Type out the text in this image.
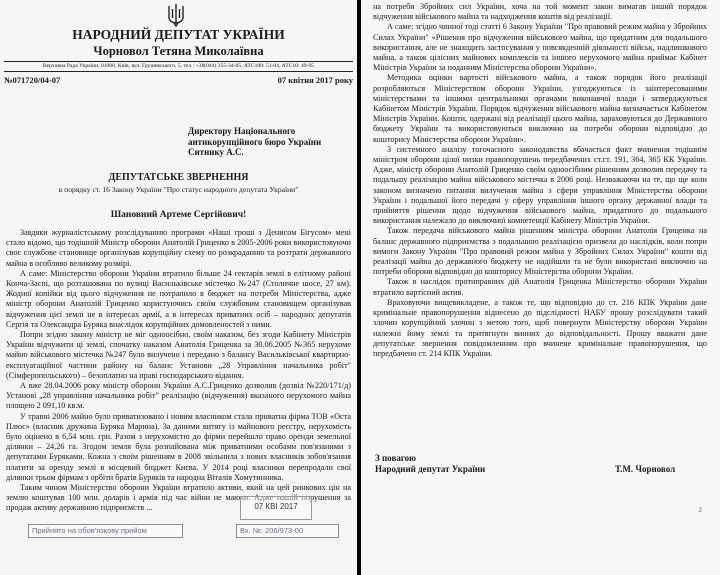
НАРОДНИЙ ДЕПУТАТ УКРАЇНИ
Чорновол Тетяна Миколаївна
Верховна Рада України, 01008, Київ, вул. Грушевського, 5, тел.: +38(044) 255-34-05, АТС100: 51-04, АТС10: 49-95
№071720/04-07	07 квітня 2017 року
Директору Національного
антикорупційного бюро України
Ситнику А.С.
ДЕПУТАТСЬКЕ ЗВЕРНЕННЯ
в порядку ст. 16 Закону України "Про статус народного депутата України"
Шановний Артеме Сергійович!

Завдяки журналістському розслідуванню програми «Наші гроші з Денисом Бігусом» мені стало відомо, що тодішній Міністр оборони Анатолій Гриценко в 2005-2006 роки використовуючи своє службове становище організував корупційну схему по розкраданню та розтрати державного майна в особливо великому розмірі.

А саме: Міністерство оборони України втратило більше 24 гектарів землі в елітному районі Конча-Заспі, що розташована по вулиці Васильківське містечко №247 (Столичне шосе, 27 км). Жодної копійки від цього відчуження не потрапило в бюджет на потреби Міністерства, адже міністр оборони Анатолій Гриценко користуючись своїм службовим становищем організував відчуження цієї землі не в інтересах армії, а в інтересах приватних осіб – народних депутатів Сергія та Олександра Буряка внаслідок корупційних домовленостей з ними.

Попри згідно закону міністр не міг одноосібно, своїм наказом, без згоди Кабінету Міністрів України відчужити ці землі, спочатку наказом Анатолія Гриценка за 30.06.2005 №365 нерухоме майно військового містечка №247 було вилучено і передано з балансу Васильківської квартирно-експлуатаційної частини району на баланс Установи „28 Управління начальника робіт" (Сімферопольського) – безоплатно на праві господарського відання.

А вже 28.04.2006 року міністр оборони України А.С.Гриценко дозволив (дозвіл №220/171/д) Установі „28 управління начальника робіт" реалізацію (відчуження) вказаного нерухомого майна площею 2 091,10 кв.м.

У травні 2006 майно було приватизовано і новим власником стала приватна фірма ТОВ «Оста Плюс» (власник дружина Буряка Марина). За даними витягу із майнового реєстру, нерухомість було оцінено в 6,54 млн. грн. Разом з нерухомістю до фірми перейшло право оренди земельної ділянки – 24,26 га. Згодом земля була розпайована між приватними особами пов'язаними з депутатами Буряками. Кожна з своїм рішенням в 2008 звільнила з нових власників зобов'язання платити за оренду землі в місцевий бюджет Києва. У 2014 році власники перепродали свої ділянки трьом фірмам з орбіти братів Буряків та народна Віталія Хомутинника.

Таким чином Міністерство оборони України втратило активи, який на цей ринкових цін на землю коштував 100 млн. доларів і армія під час війни не маючи. Адже нашій порушення за продаж активу державною підприємств ...	07 КВІ 2017
Прийнято на обов'язкову прийом	Вх. №: 206/973-00

на потреби Збройних сил України, хоча на той момент закон вимагав інший порядок відчуження військового майна та надходження коштів від реалізації.

А саме: згідно чинної тоді статті 6 Закону України "Про правовий режим майна у Збройних Силах України" «Рішення про відчуження військового майна, що придатним для подальшого використання, але не знаходить застосування у повсякденній діяльності військ, надлишкового майна, а також цілісних майнових комплексів та іншого нерухомого майна приймає Кабінет Міністрів України за поданням Міністерства оборони України».

Методика оцінки вартості військового майна, а також порядок його реалізації розробляються Міністерством оборони України, узгоджуються із заінтересованими міністерствами та іншими центральними органами виконавчої влади і затверджуються Кабінетом Міністрів України. Порядок відчуження військового майна визначається Кабінетом Міністрів України. Кошти, одержані від реалізації цього майна, зараховуються до Державного бюджету України та використовуються виключно на потреби оборони відповідно до кошторису Міністерства оборони України».

З системного аналізу тогочасного законодавства вбачається факт вчинення тодішнім міністром оборони цілої низки правопорушень передбачених ст.ст. 191, 364, 365 КК України. Адже, міністр оборони Анатолій Гриценко своїм одноосібним рішенням дозволив передачу та подальшу реалізацію майна військового містечка в 2006 році. Незважаючи на те, що ще коли законом визначено питання вилучення майна з сфери управління Міністерства оборони України і подальшої його передачі у сферу управління іншого органу державної влади та прийняття рішення щодо відчуження військового майна, придатного до подальшого використання належало до виключної компетенції Кабінету Міністрів України.

Також передача військового майна рішенням міністра оборони Анатолія Гриценка на баланс державного підприємства з подальшою реалізацією призвела до наслідків, коли попри вимоги Закону України "Про правовий режим майна у Збройних Силах України" кошти від реалізації майна до державного бюджету не надійшли та не були використані виключно на потреби оборони відповідно до кошторису Міністерства оборони України.

Також в наслідок протиправних дій Анатолія Гриценка Міністерство оборони України втратило вартісний актив.

Враховуючи вищевикладене, а також те, що відповідно до ст. 216 КПК України дане кримінальне правопорушення віднесено до підслідності НАБУ прошу розслідувати такий злочин корупційний злочин з метою того, щоб повернути Міністерству оборони України належні йому землі та притягнути винних до відповідальності. Прошу вважати дане депутатське звернення повідомленням про вчинене кримінальне правопорушення, що передбачено ст. 214 КПК України.

З повагою
Народний депутат України	Т.М. Чорновол
2
